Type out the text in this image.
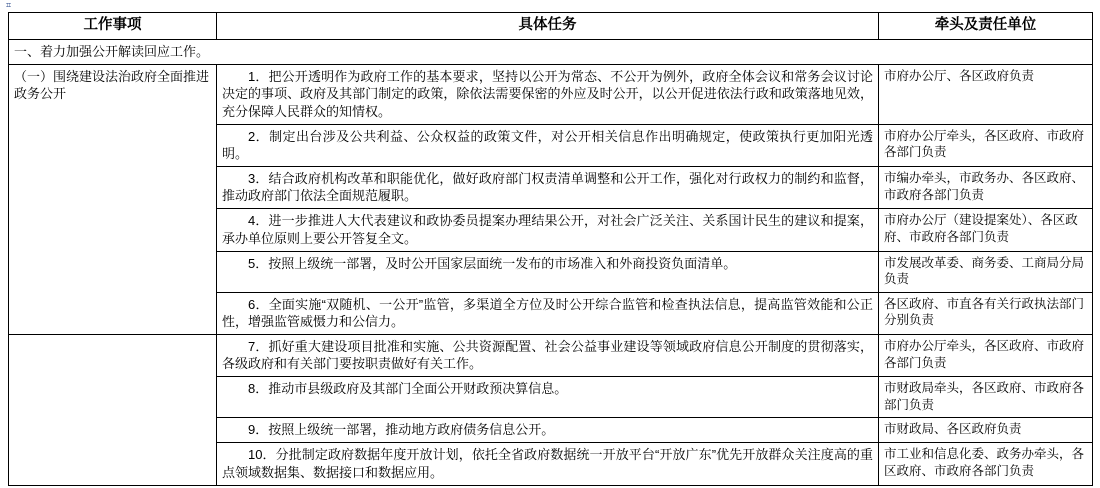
⌗
工作事项	具体任务	牵头及责任单位
一、着力加强公开解读回应工作。		
（一）围绕建设法治政府全面推进政务公开	1．把公开透明作为政府工作的基本要求，坚持以公开为常态、不公开为例外，政府全体会议和常务会议讨论决定的事项、政府及其部门制定的政策，除依法需要保密的外应及时公开，以公开促进依法行政和政策落地见效，充分保障人民群众的知情权。	市府办公厅、各区政府负责
	2．制定出台涉及公共利益、公众权益的政策文件，对公开相关信息作出明确规定，使政策执行更加阳光透明。	市府办公厅牵头，各区政府、市政府各部门负责
	3．结合政府机构改革和职能优化，做好政府部门权责清单调整和公开工作，强化对行政权力的制约和监督，推动政府部门依法全面规范履职。	市编办牵头，市政务办、各区政府、市政府各部门负责
	4．进一步推进人大代表建议和政协委员提案办理结果公开，对社会广泛关注、关系国计民生的建议和提案，承办单位原则上要公开答复全文。	市府办公厅（建设提案处）、各区政府、市政府各部门负责
	5．按照上级统一部署，及时公开国家层面统一发布的市场准入和外商投资负面清单。	市发展改革委、商务委、工商局分局负责
	6．全面实施“双随机、一公开”监管，多渠道全方位及时公开综合监管和检查执法信息，提高监管效能和公正性，增强监管威慑力和公信力。	各区政府、市直各有关行政执法部门分别负责
	7．抓好重大建设项目批准和实施、公共资源配置、社会公益事业建设等领域政府信息公开制度的贯彻落实，各级政府和有关部门要按职责做好有关工作。	市府办公厅牵头，各区政府、市政府各部门负责
	8．推动市县级政府及其部门全面公开财政预决算信息。	市财政局牵头，各区政府、市政府各部门负责
	9．按照上级统一部署，推动地方政府债务信息公开。	市财政局、各区政府负责
	10．分批制定政府数据年度开放计划，依托全省政府数据统一开放平台“开放广东”优先开放群众关注度高的重点领域数据集、数据接口和数据应用。	市工业和信息化委、政务办牵头，各区政府、市政府各部门负责
